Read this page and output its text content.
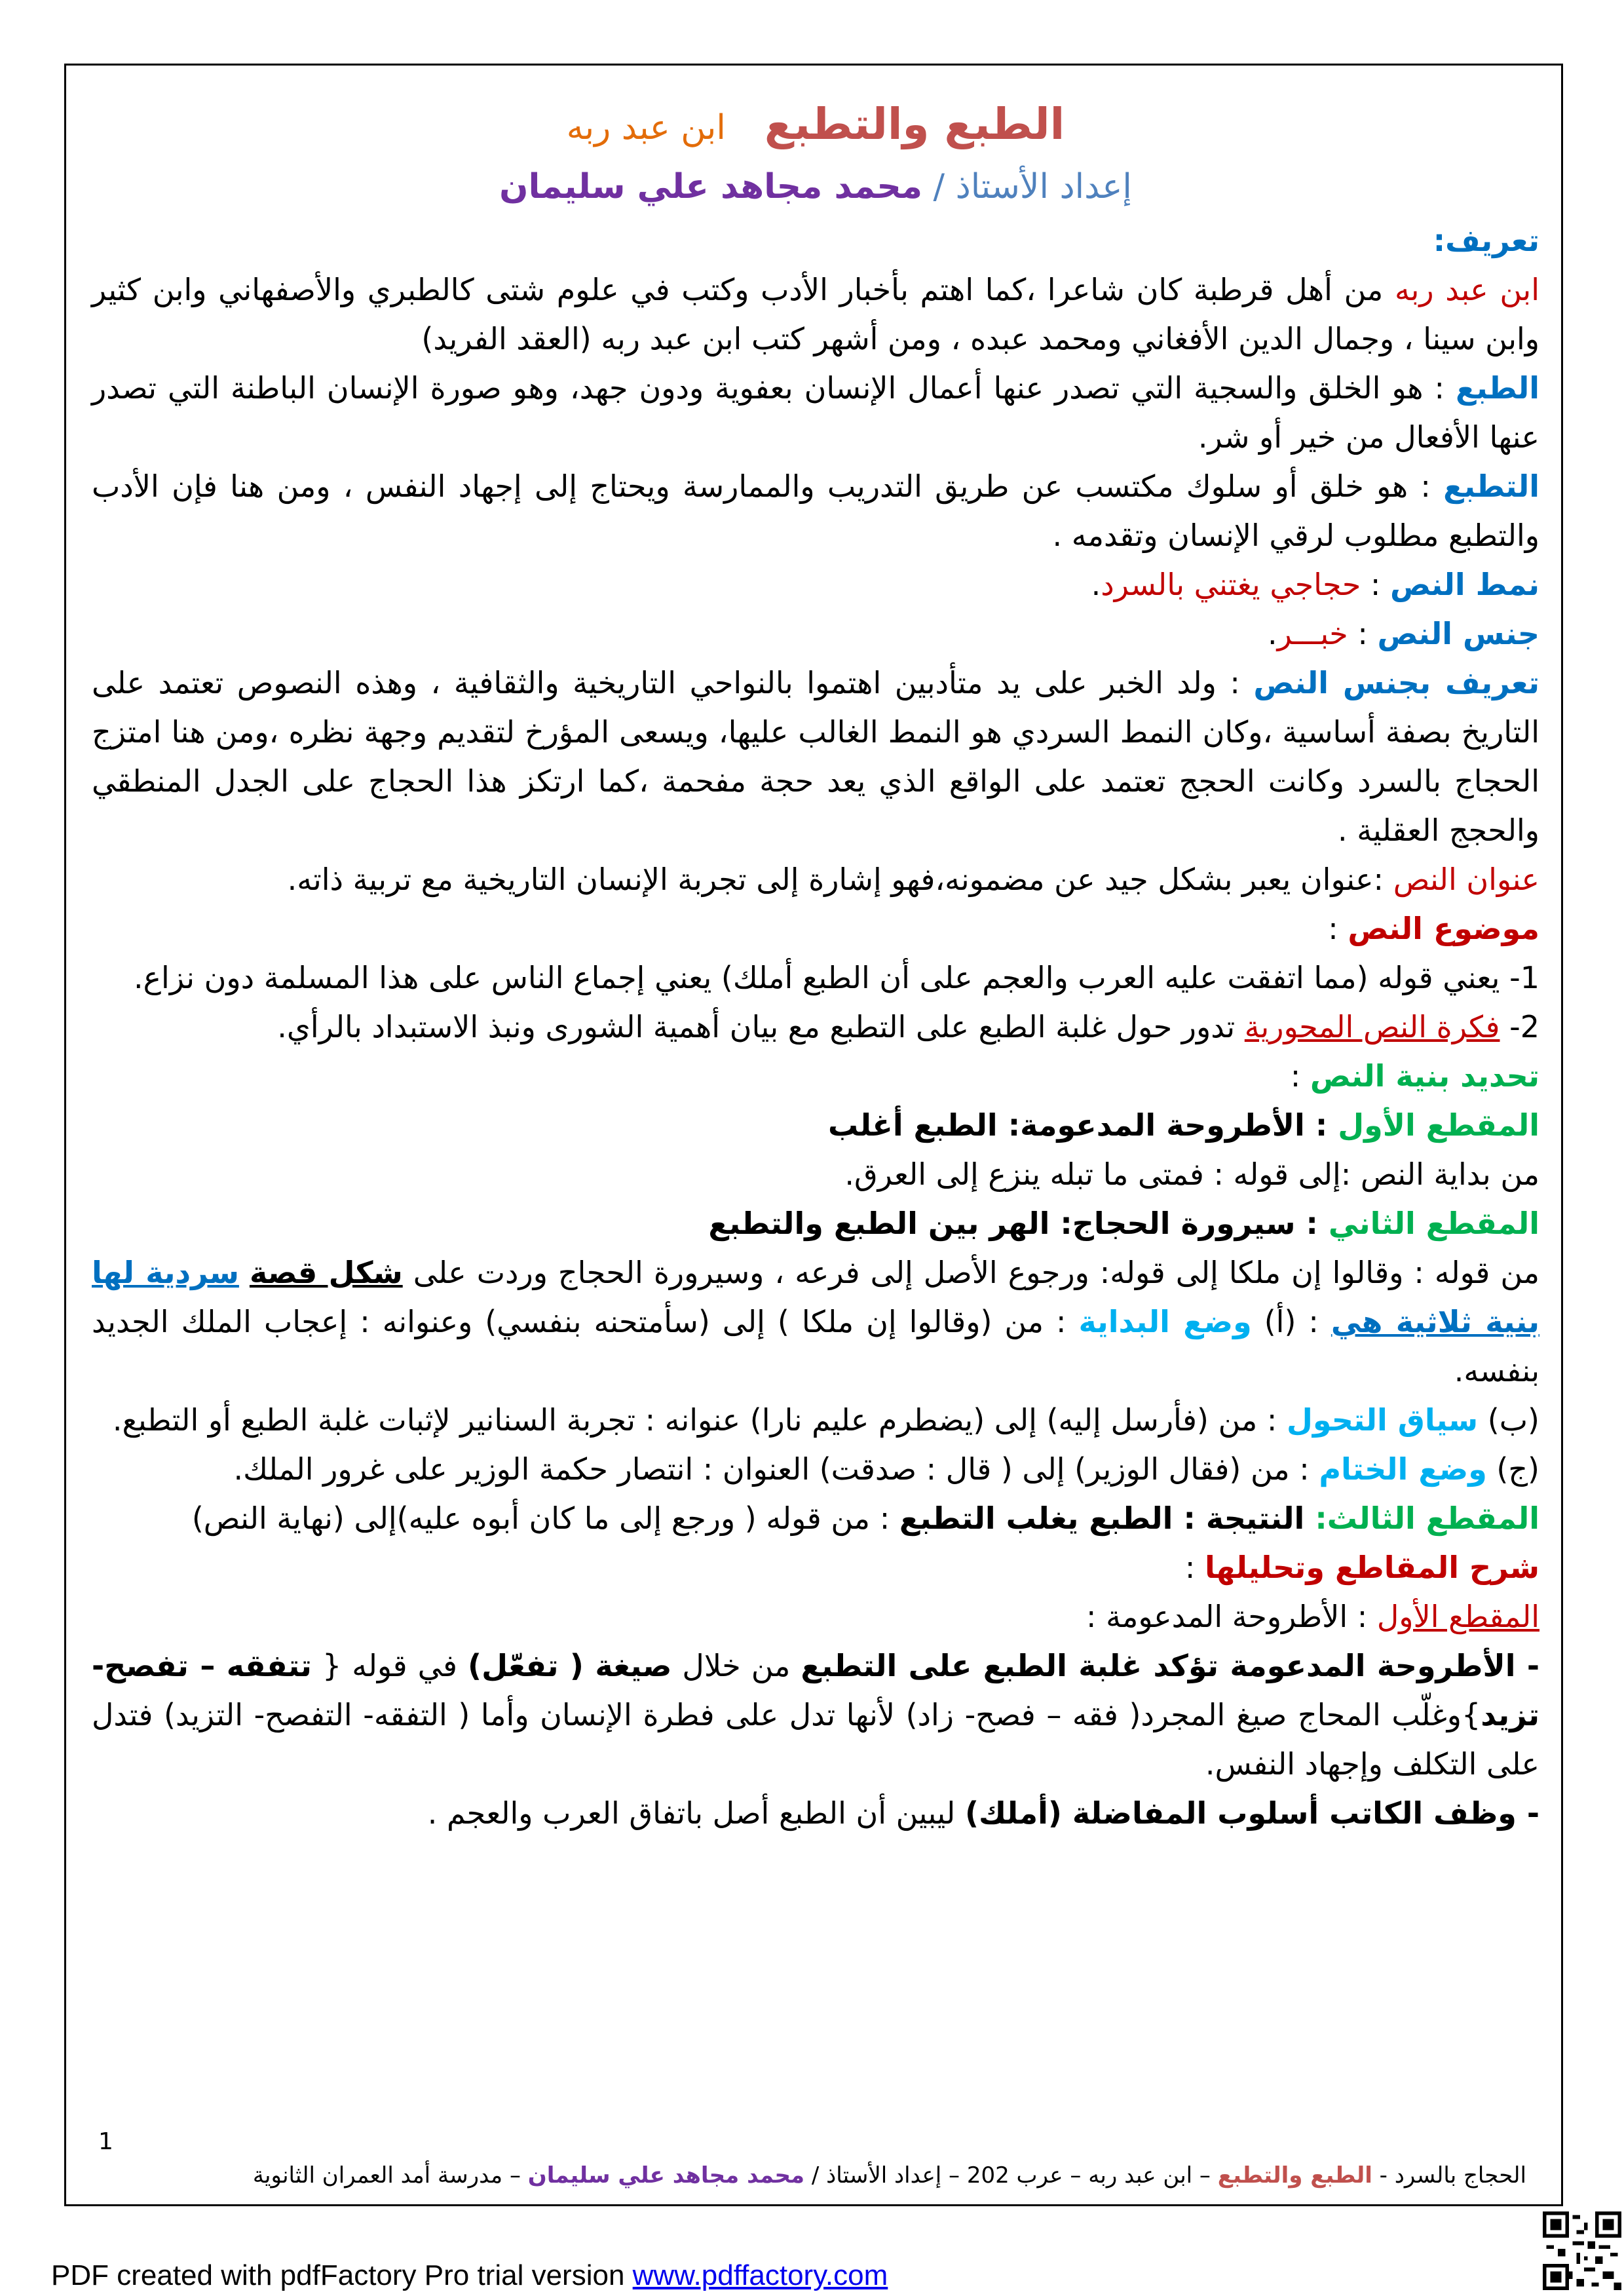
الطبع والتطبع ابن عبد ربه
إعداد الأستاذ / محمد مجاهد علي سليمان

تعريف:

ابن عبد ربه من أهل قرطبة كان شاعرا ،كما اهتم بأخبار الأدب وكتب في علوم شتى كالطبري والأصفهاني وابن كثير وابن سينا ، وجمال الدين الأفغاني ومحمد عبده ، ومن أشهر كتب ابن عبد ربه (العقد الفريد)

الطبع : هو الخلق والسجية التي تصدر عنها أعمال الإنسان بعفوية ودون جهد، وهو صورة الإنسان الباطنة التي تصدر عنها الأفعال من خير أو شر.

التطبع : هو خلق أو سلوك مكتسب عن طريق التدريب والممارسة ويحتاج إلى إجهاد النفس ، ومن هنا فإن الأدب والتطبع مطلوب لرقي الإنسان وتقدمه .

نمط النص : حجاجي يغتني بالسرد.

جنس النص : خبـــر.

تعريف بجنس النص : ولد الخبر على يد متأدبين اهتموا بالنواحي التاريخية والثقافية ، وهذه النصوص تعتمد على التاريخ بصفة أساسية ،وكان النمط السردي هو النمط الغالب عليها، ويسعى المؤرخ لتقديم وجهة نظره ،ومن هنا امتزج الحجاج بالسرد وكانت الحجج تعتمد على الواقع الذي يعد حجة مفحمة ،كما ارتكز هذا الحجاج على الجدل المنطقي والحجج العقلية .

عنوان النص :عنوان يعبر بشكل جيد عن مضمونه،فهو إشارة إلى تجربة الإنسان التاريخية مع تربية ذاته.

موضوع النص :

1- يعني قوله (مما اتفقت عليه العرب والعجم على أن الطبع أملك) يعني إجماع الناس على هذا المسلمة دون نزاع.

2- فكرة النص المحورية تدور حول غلبة الطبع على التطبع مع بيان أهمية الشورى ونبذ الاستبداد بالرأي.

تحديد بنية النص :

المقطع الأول : الأطروحة المدعومة: الطبع أغلب

من بداية النص :إلى قوله : فمتى ما تبله ينزع إلى العرق.

المقطع الثاني : سيرورة الحجاج: الهر بين الطبع والتطبع

من قوله : وقالوا إن ملكا إلى قوله: ورجوع الأصل إلى فرعه ، وسيرورة الحجاج وردت على شكل قصة سردية لها بنية ثلاثية هي : (أ) وضع البداية : من (وقالوا إن ملكا ) إلى (سأمتحنه بنفسي) وعنوانه : إعجاب الملك الجديد بنفسه.

(ب) سياق التحول : من (فأرسل إليه) إلى (يضطرم عليم نارا) عنوانه : تجربة السنانير لإثبات غلبة الطبع أو التطبع.

(ج) وضع الختام : من (فقال الوزير) إلى ( قال : صدقت) العنوان : انتصار حكمة الوزير على غرور الملك.

المقطع الثالث: النتيجة : الطبع يغلب التطبع : من قوله ( ورجع إلى ما كان أبوه عليه)إلى (نهاية النص)

شرح المقاطع وتحليلها :

المقطع الأول : الأطروحة المدعومة :

- الأطروحة المدعومة تؤكد غلبة الطبع على التطبع من خلال صيغة ( تفعّل) في قوله { تتفقه – تفصح- تزيد}وغلّب المحاج صيغ المجرد( فقه – فصح- زاد) لأنها تدل على فطرة الإنسان وأما ( التفقه- التفصح- التزيد) فتدل على التكلف وإجهاد النفس.

- وظف الكاتب أسلوب المفاضلة (أملك) ليبين أن الطبع أصل باتفاق العرب والعجم .

1
الحجاج بالسرد - الطبع والتطبع – ابن عبد ربه – عرب 202 – إعداد الأستاذ / محمد مجاهد علي سليمان – مدرسة أمد العمران الثانوية
PDF created with pdfFactory Pro trial version www.pdffactory.com
